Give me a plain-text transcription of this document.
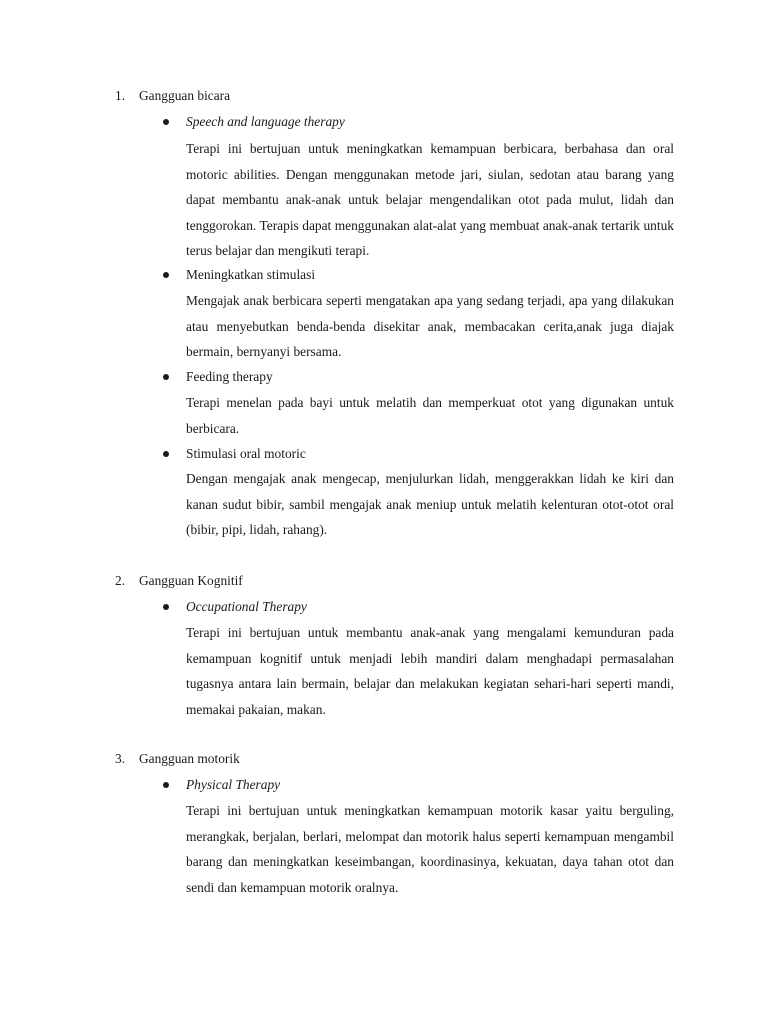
1. Gangguan bicara
Speech and language therapy

Terapi ini bertujuan untuk meningkatkan kemampuan berbicara, berbahasa dan oral motoric abilities. Dengan menggunakan metode jari, siulan, sedotan atau barang yang dapat membantu anak-anak untuk belajar mengendalikan otot pada mulut, lidah dan tenggorokan. Terapis dapat menggunakan alat-alat yang membuat anak-anak tertarik untuk terus belajar dan mengikuti terapi.

Meningkatkan stimulasi

Mengajak anak berbicara seperti mengatakan apa yang sedang terjadi, apa yang dilakukan atau menyebutkan benda-benda disekitar anak, membacakan cerita,anak juga diajak bermain, bernyanyi bersama.

Feeding therapy

Terapi menelan pada bayi untuk melatih dan memperkuat otot yang digunakan untuk berbicara.

Stimulasi oral motoric

Dengan mengajak anak mengecap, menjulurkan lidah, menggerakkan lidah ke kiri dan kanan sudut bibir, sambil mengajak anak meniup untuk melatih kelenturan otot-otot oral (bibir, pipi, lidah, rahang).

2. Gangguan Kognitif
Occupational Therapy

Terapi ini bertujuan untuk membantu anak-anak yang mengalami kemunduran pada kemampuan kognitif untuk menjadi lebih mandiri dalam menghadapi permasalahan tugasnya antara lain bermain, belajar dan melakukan kegiatan sehari-hari seperti mandi, memakai pakaian, makan.

3. Gangguan motorik
Physical Therapy

Terapi ini bertujuan untuk meningkatkan kemampuan motorik kasar yaitu berguling, merangkak, berjalan, berlari, melompat dan motorik halus seperti kemampuan mengambil barang dan meningkatkan keseimbangan, koordinasinya, kekuatan, daya tahan otot dan sendi dan kemampuan motorik oralnya.
